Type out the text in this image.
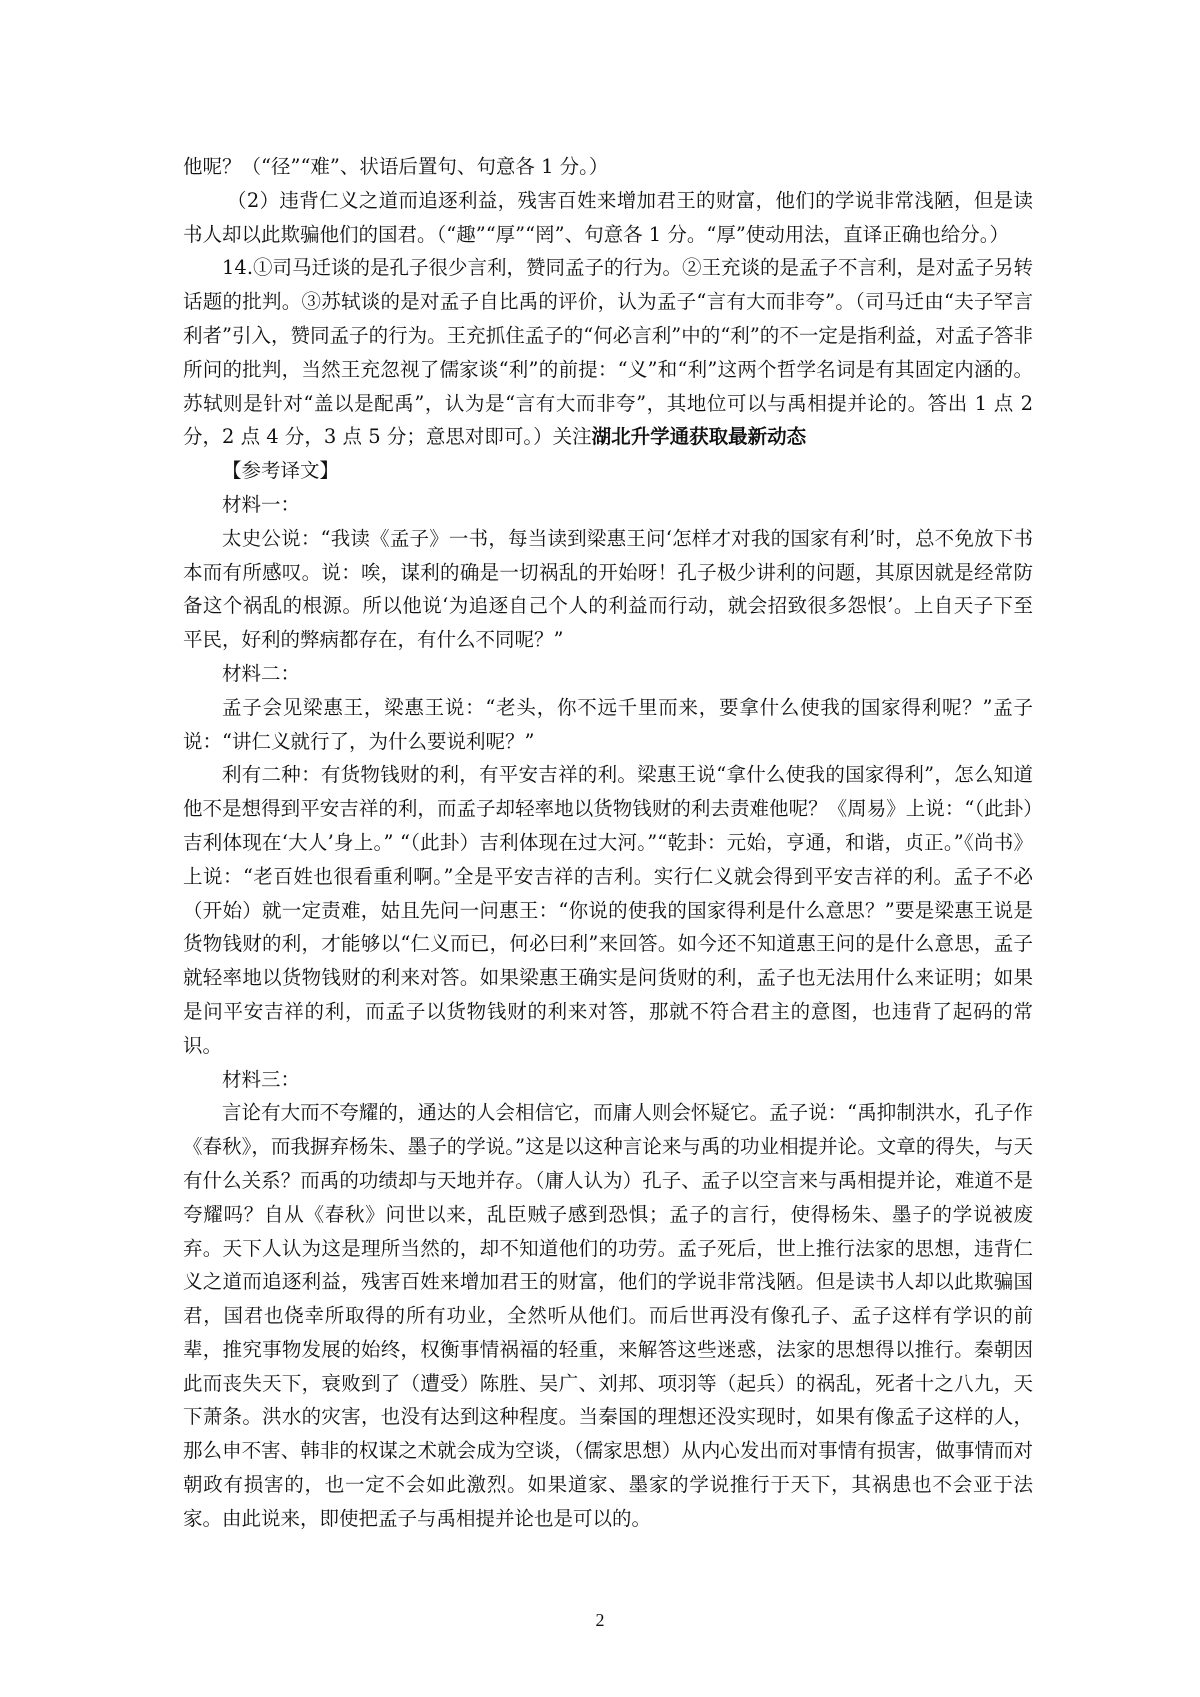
他呢？（“径”“难”、状语后置句、句意各 1 分。）

（2）违背仁义之道而追逐利益，残害百姓来增加君王的财富，他们的学说非常浅陋，但是读书人却以此欺骗他们的国君。（“趣”“厚”“罔”、句意各 1 分。“厚”使动用法，直译正确也给分。）

14.①司马迁谈的是孔子很少言利，赞同孟子的行为。②王充谈的是孟子不言利，是对孟子另转话题的批判。③苏轼谈的是对孟子自比禹的评价，认为孟子“言有大而非夸”。（司马迁由“夫子罕言利者”引入，赞同孟子的行为。王充抓住孟子的“何必言利”中的“利”的不一定是指利益，对孟子答非所问的批判，当然王充忽视了儒家谈“利”的前提：“义”和“利”这两个哲学名词是有其固定内涵的。苏轼则是针对“盖以是配禹”，认为是“言有大而非夸”，其地位可以与禹相提并论的。答出 1 点 2 分，2 点 4 分，3 点 5 分；意思对即可。）关注湖北升学通获取最新动态

【参考译文】

材料一：

太史公说：“我读《孟子》一书，每当读到梁惠王问‘怎样才对我的国家有利’时，总不免放下书本而有所感叹。说：唉，谋利的确是一切祸乱的开始呀！孔子极少讲利的问题，其原因就是经常防备这个祸乱的根源。所以他说‘为追逐自己个人的利益而行动，就会招致很多怨恨’。上自天子下至平民，好利的弊病都存在，有什么不同呢？”

材料二：

孟子会见梁惠王，梁惠王说：“老头，你不远千里而来，要拿什么使我的国家得利呢？”孟子说：“讲仁义就行了，为什么要说利呢？”

利有二种：有货物钱财的利，有平安吉祥的利。梁惠王说“拿什么使我的国家得利”，怎么知道他不是想得到平安吉祥的利，而孟子却轻率地以货物钱财的利去责难他呢？《周易》上说：“（此卦）吉利体现在‘大人’身上。” “（此卦）吉利体现在过大河。”“乾卦：元始，亨通，和谐，贞正。”《尚书》上说：“老百姓也很看重利啊。”全是平安吉祥的吉利。实行仁义就会得到平安吉祥的利。孟子不必（开始）就一定责难，姑且先问一问惠王：“你说的使我的国家得利是什么意思？”要是梁惠王说是货物钱财的利，才能够以“仁义而已，何必曰利”来回答。如今还不知道惠王问的是什么意思，孟子就轻率地以货物钱财的利来对答。如果梁惠王确实是问货财的利，孟子也无法用什么来证明；如果是问平安吉祥的利，而孟子以货物钱财的利来对答，那就不符合君主的意图，也违背了起码的常识。

材料三：

言论有大而不夸耀的，通达的人会相信它，而庸人则会怀疑它。孟子说：“禹抑制洪水，孔子作《春秋》，而我摒弃杨朱、墨子的学说。”这是以这种言论来与禹的功业相提并论。文章的得失，与天有什么关系？而禹的功绩却与天地并存。（庸人认为）孔子、孟子以空言来与禹相提并论，难道不是夸耀吗？自从《春秋》问世以来，乱臣贼子感到恐惧；孟子的言行，使得杨朱、墨子的学说被废弃。天下人认为这是理所当然的，却不知道他们的功劳。孟子死后，世上推行法家的思想，违背仁义之道而追逐利益，残害百姓来增加君王的财富，他们的学说非常浅陋。但是读书人却以此欺骗国君，国君也侥幸所取得的所有功业，全然听从他们。而后世再没有像孔子、孟子这样有学识的前辈，推究事物发展的始终，权衡事情祸福的轻重，来解答这些迷惑，法家的思想得以推行。秦朝因此而丧失天下，衰败到了（遭受）陈胜、吴广、刘邦、项羽等（起兵）的祸乱，死者十之八九，天下萧条。洪水的灾害，也没有达到这种程度。当秦国的理想还没实现时，如果有像孟子这样的人，那么申不害、韩非的权谋之术就会成为空谈，（儒家思想）从内心发出而对事情有损害，做事情而对朝政有损害的，也一定不会如此激烈。如果道家、墨家的学说推行于天下，其祸患也不会亚于法家。由此说来，即使把孟子与禹相提并论也是可以的。

2
